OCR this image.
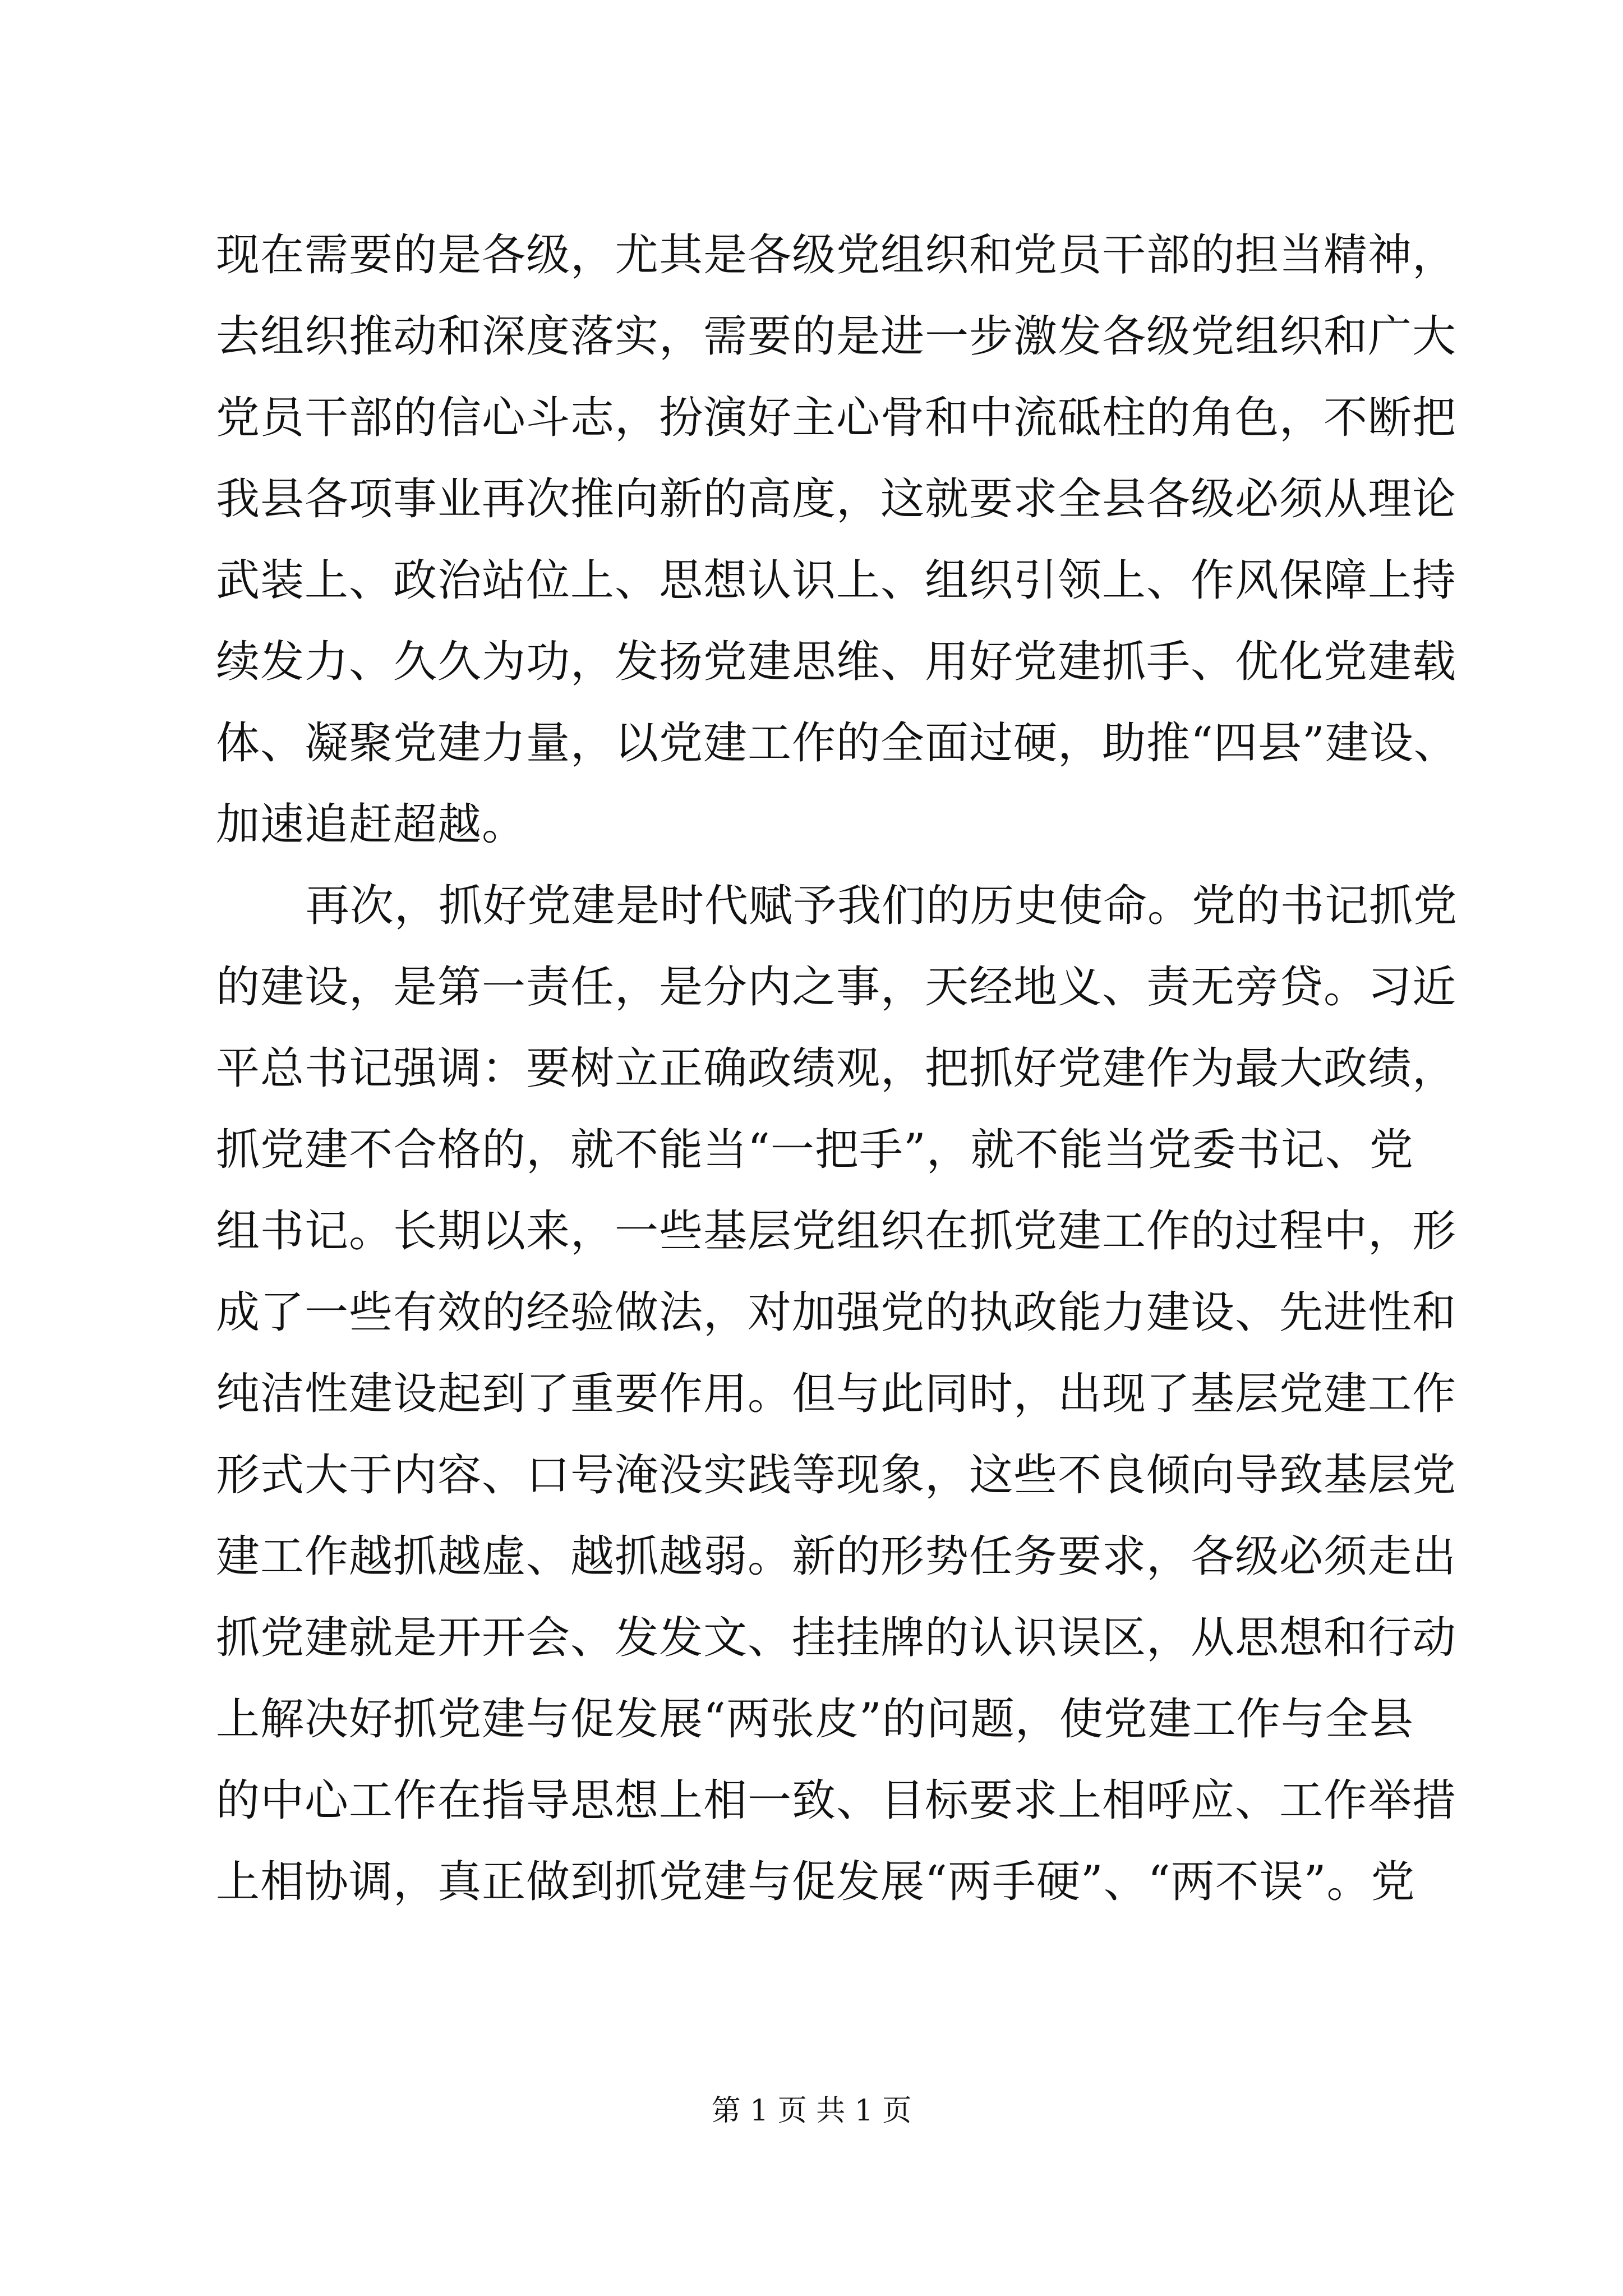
现在需要的是各级，尤其是各级党组织和党员干部的担当精神，
去组织推动和深度落实，需要的是进一步激发各级党组织和广大
党员干部的信心斗志，扮演好主心骨和中流砥柱的角色，不断把
我县各项事业再次推向新的高度，这就要求全县各级必须从理论
武装上、政治站位上、思想认识上、组织引领上、作风保障上持
续发力、久久为功，发扬党建思维、用好党建抓手、优化党建载
体、凝聚党建力量，以党建工作的全面过硬，助推“四县”建设、
加速追赶超越。
再次，抓好党建是时代赋予我们的历史使命。党的书记抓党
的建设，是第一责任，是分内之事，天经地义、责无旁贷。习近
平总书记强调：要树立正确政绩观，把抓好党建作为最大政绩，
抓党建不合格的，就不能当“一把手”，就不能当党委书记、党
组书记。长期以来，一些基层党组织在抓党建工作的过程中，形
成了一些有效的经验做法，对加强党的执政能力建设、先进性和
纯洁性建设起到了重要作用。但与此同时，出现了基层党建工作
形式大于内容、口号淹没实践等现象，这些不良倾向导致基层党
建工作越抓越虚、越抓越弱。新的形势任务要求，各级必须走出
抓党建就是开开会、发发文、挂挂牌的认识误区，从思想和行动
上解决好抓党建与促发展“两张皮”的问题，使党建工作与全县
的中心工作在指导思想上相一致、目标要求上相呼应、工作举措
上相协调，真正做到抓党建与促发展“两手硬”、“两不误”。党
第 1 页 共 1 页
